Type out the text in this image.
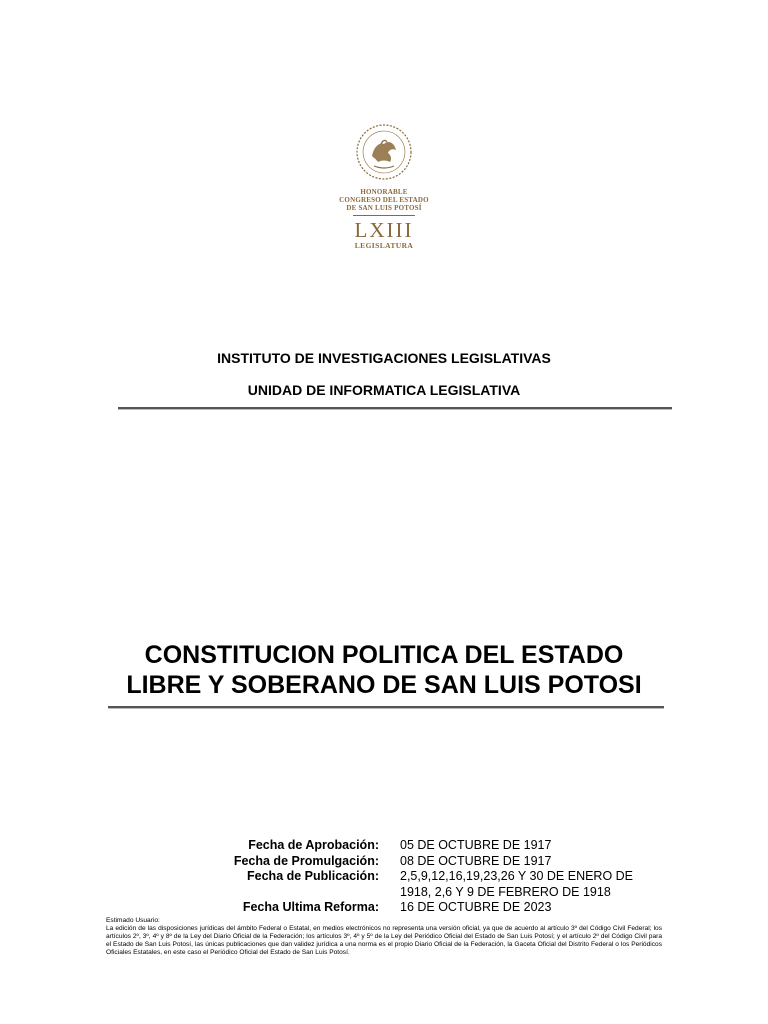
HONORABLE
CONGRESO DEL ESTADO
DE SAN LUIS POTOSÍ
LXIII
LEGISLATURA
INSTITUTO DE INVESTIGACIONES LEGISLATIVAS
UNIDAD DE INFORMATICA LEGISLATIVA
CONSTITUCION POLITICA DEL ESTADO
LIBRE Y SOBERANO DE SAN LUIS POTOSI
Fecha de Aprobación: 05 DE OCTUBRE DE 1917
Fecha de Promulgación: 08 DE OCTUBRE DE 1917
Fecha de Publicación: 2,5,9,12,16,19,23,26 Y 30 DE ENERO DE 1918, 2,6 Y 9 DE FEBRERO DE 1918
Fecha Ultima Reforma: 16 DE OCTUBRE DE 2023
Estimado Usuario:
La edición de las disposiciones jurídicas del ámbito Federal o Estatal, en medios electrónicos no representa una versión oficial, ya que de acuerdo al artículo 3º del Código Civil Federal; los artículos 2º, 3º, 4º y 8º de la Ley del Diario Oficial de la Federación; los artículos 3º, 4º y 5º de la Ley del Periódico Oficial del Estado de San Luis Potosí; y el artículo 2º del Código Civil para el Estado de San Luis Potosí, las únicas publicaciones que dan validez jurídica a una norma es el propio Diario Oficial de la Federación, la Gaceta Oficial del Distrito Federal o los Periódicos Oficiales Estatales, en este caso el Periódico Oficial del Estado de San Luis Potosí.
